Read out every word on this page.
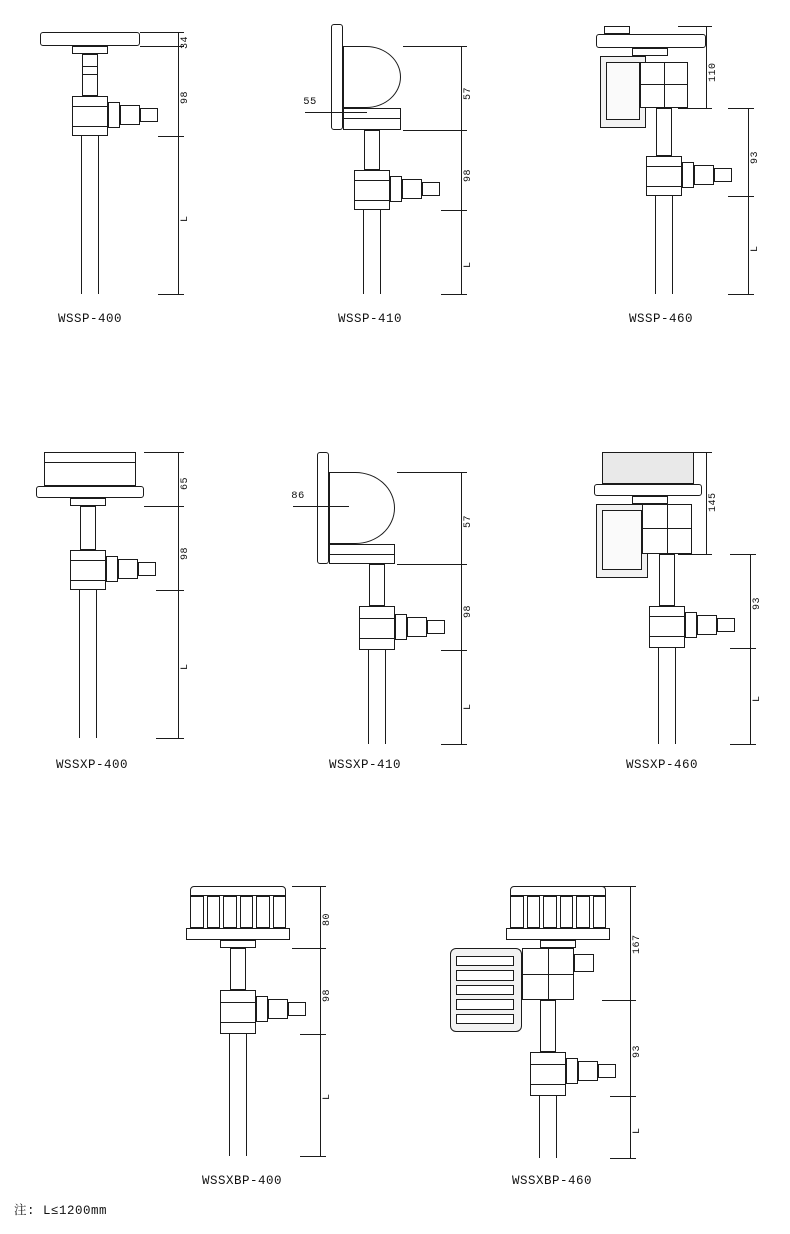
34
98
L
WSSP-400
55
57
98
L
WSSP-410
110
93
L
WSSP-460
65
98
L
WSSXP-400
86
57
98
L
WSSXP-410
145
93
L
WSSXP-460
80
98
L
WSSXBP-400
167
93
L
WSSXBP-460
注: L≤1200mm
